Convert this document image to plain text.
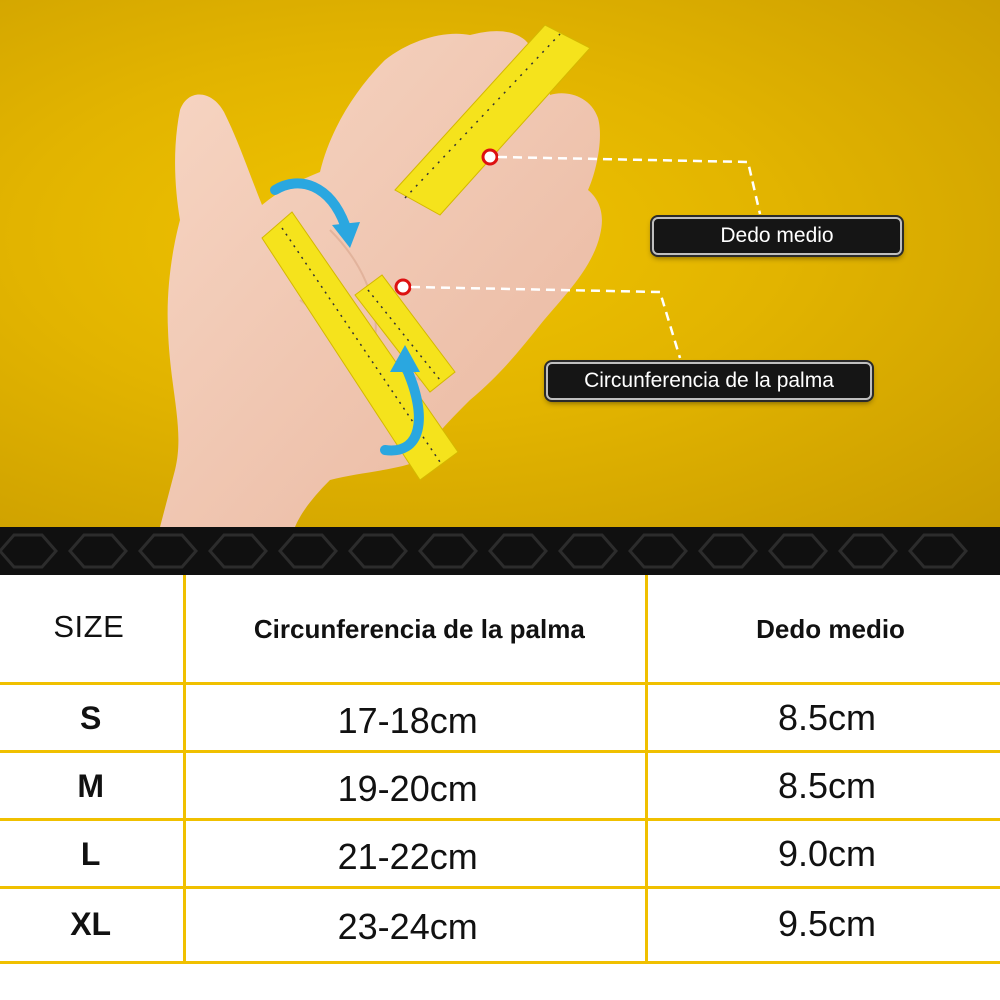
Dedo medio
Circunferencia de la palma
SIZE	Circunferencia de la palma	Dedo medio
S	17-18cm	8.5cm
M	19-20cm	8.5cm
L	21-22cm	9.0cm
XL	23-24cm	9.5cm
